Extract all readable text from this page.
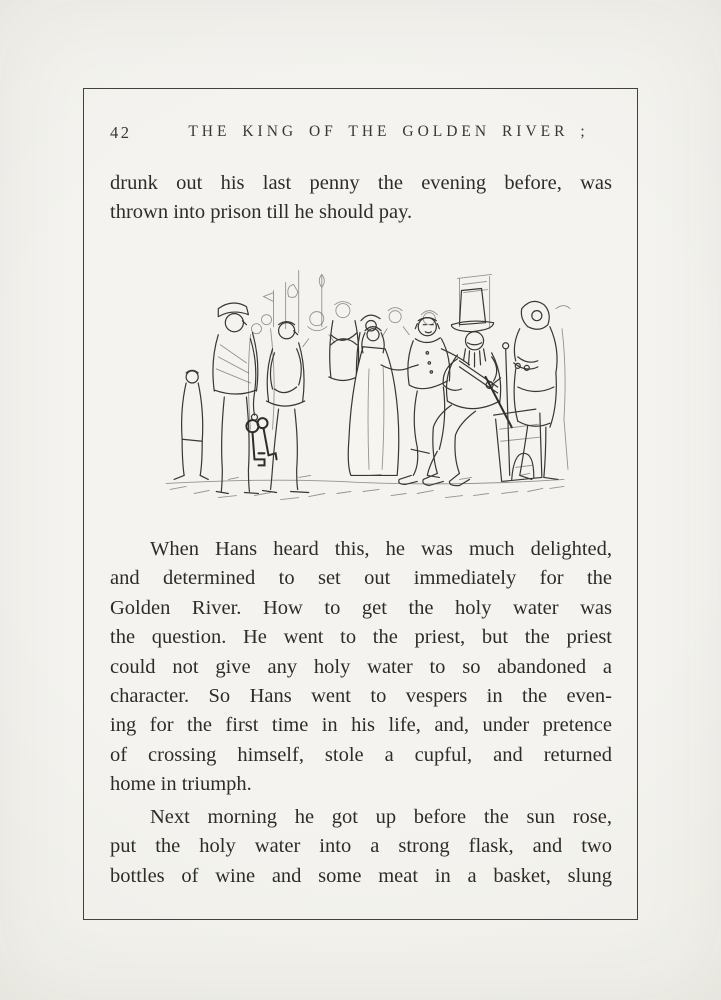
42	THE KING OF THE GOLDEN RIVER ;
drunk out his last penny the evening before, was
thrown into prison till he should pay.
When Hans heard this, he was much delighted,
and determined to set out immediately for the
Golden River. How to get the holy water was
the question. He went to the priest, but the priest
could not give any holy water to so abandoned a
character. So Hans went to vespers in the even-
ing for the first time in his life, and, under pretence
of crossing himself, stole a cupful, and returned
home in triumph.
Next morning he got up before the sun rose,
put the holy water into a strong flask, and two
bottles of wine and some meat in a basket, slung
